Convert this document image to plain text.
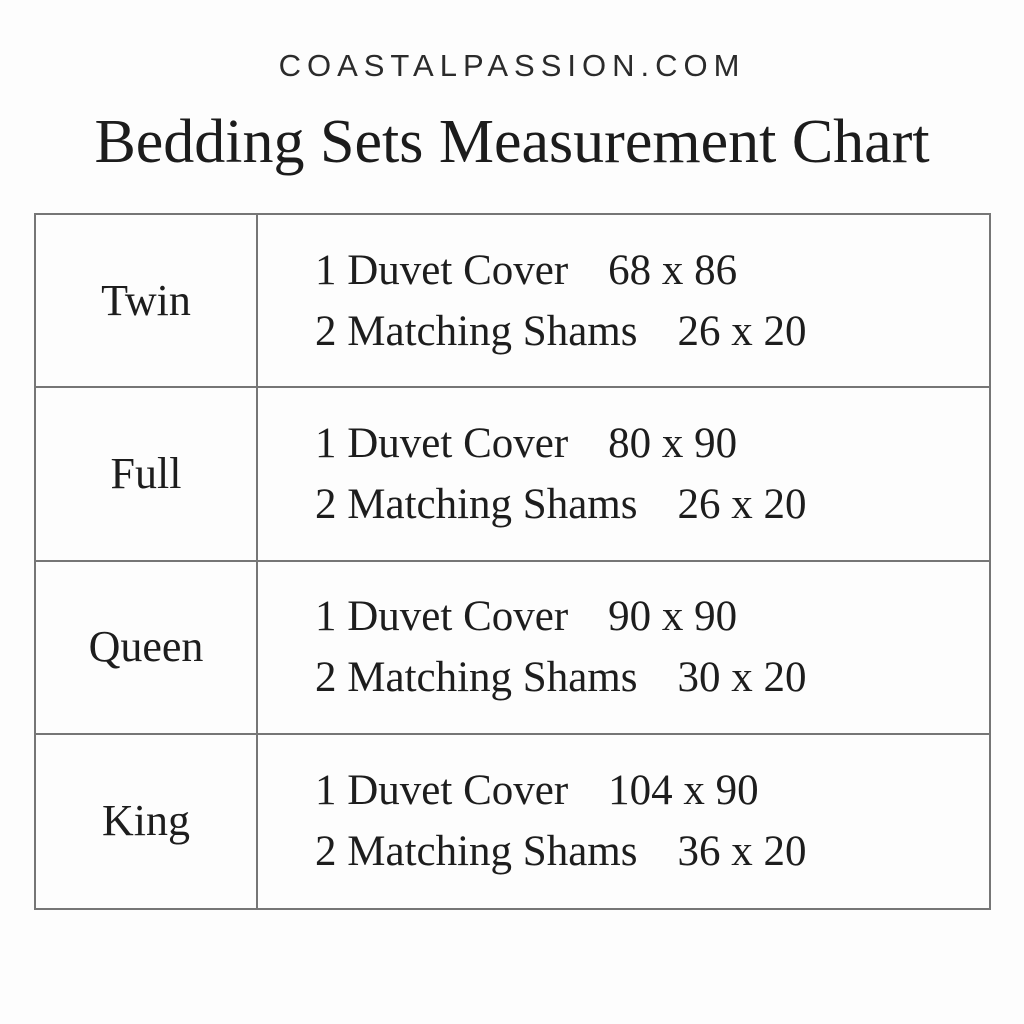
COASTALPASSION.COM
Bedding Sets Measurement Chart
Twin
1 Duvet Cover 68 x 86
2 Matching Shams 26 x 20
Full
1 Duvet Cover 80 x 90
2 Matching Shams 26 x 20
Queen
1 Duvet Cover 90 x 90
2 Matching Shams 30 x 20
King
1 Duvet Cover 104 x 90
2 Matching Shams 36 x 20
